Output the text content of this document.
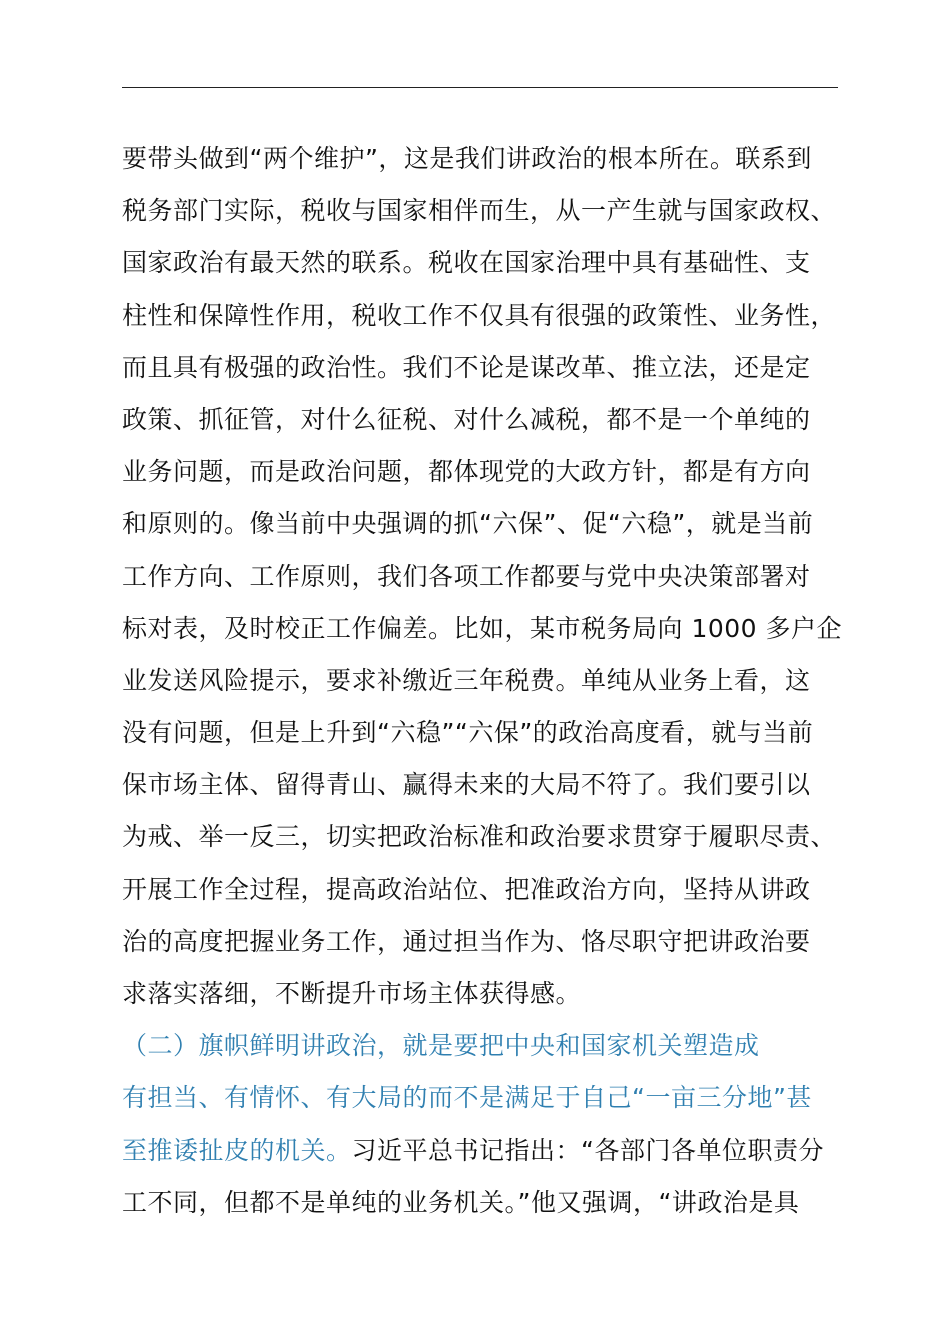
要带头做到“两个维护”，这是我们讲政治的根本所在。联系到
税务部门实际，税收与国家相伴而生，从一产生就与国家政权、
国家政治有最天然的联系。税收在国家治理中具有基础性、支
柱性和保障性作用，税收工作不仅具有很强的政策性、业务性，
而且具有极强的政治性。我们不论是谋改革、推立法，还是定
政策、抓征管，对什么征税、对什么减税，都不是一个单纯的
业务问题，而是政治问题，都体现党的大政方针，都是有方向
和原则的。像当前中央强调的抓“六保”、促“六稳”，就是当前
工作方向、工作原则，我们各项工作都要与党中央决策部署对
标对表，及时校正工作偏差。比如，某市税务局向 1000 多户企
业发送风险提示，要求补缴近三年税费。单纯从业务上看，这
没有问题，但是上升到“六稳”“六保”的政治高度看，就与当前
保市场主体、留得青山、赢得未来的大局不符了。我们要引以
为戒、举一反三，切实把政治标准和政治要求贯穿于履职尽责、
开展工作全过程，提高政治站位、把准政治方向，坚持从讲政
治的高度把握业务工作，通过担当作为、恪尽职守把讲政治要
求落实落细，不断提升市场主体获得感。
（二）旗帜鲜明讲政治，就是要把中央和国家机关塑造成
有担当、有情怀、有大局的而不是满足于自己“一亩三分地”甚
至推诿扯皮的机关。习近平总书记指出：“各部门各单位职责分
工不同，但都不是单纯的业务机关。”他又强调，“讲政治是具
